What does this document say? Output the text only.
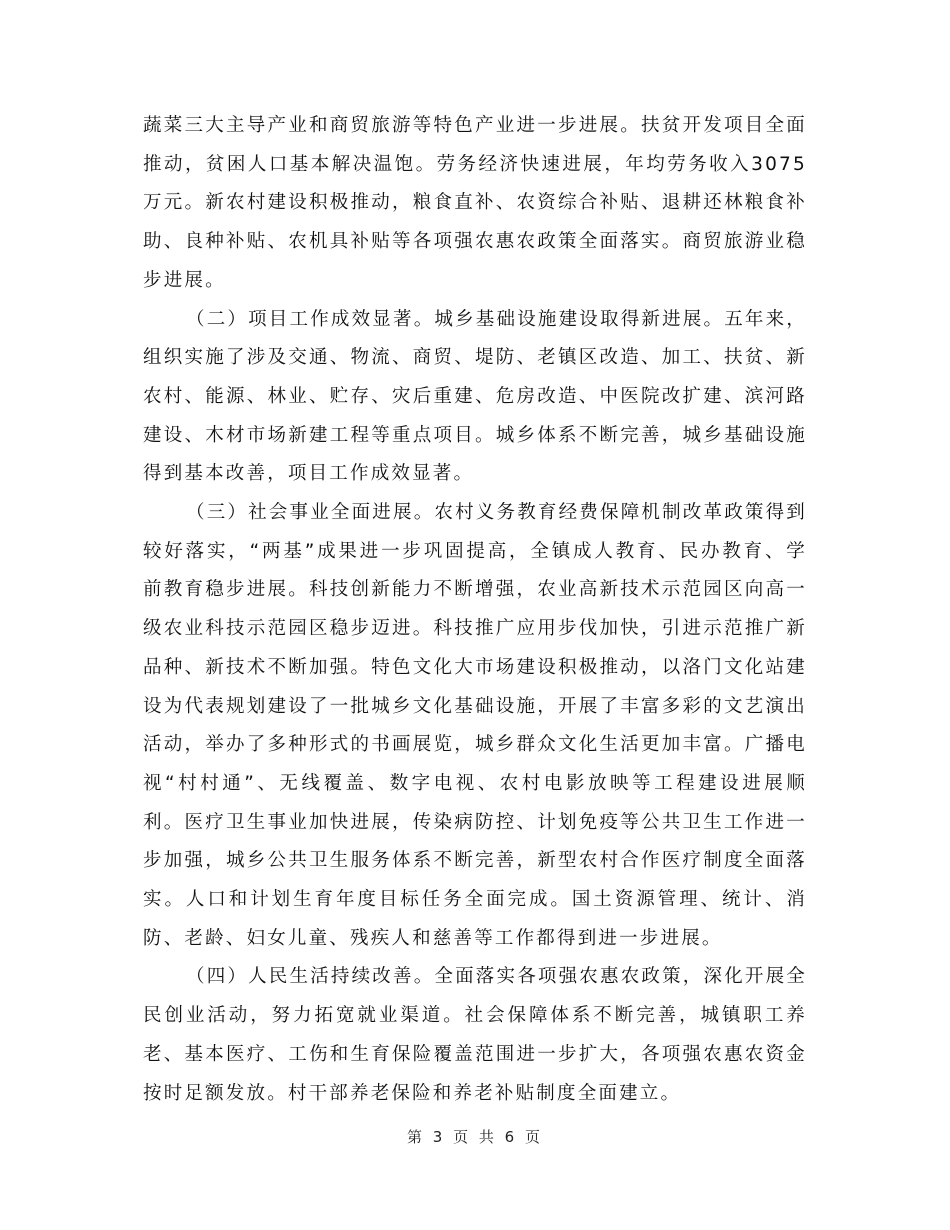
蔬菜三大主导产业和商贸旅游等特色产业进一步进展。扶贫开发项目全面推动，贫困人口基本解决温饱。劳务经济快速进展，年均劳务收入3075万元。新农村建设积极推动，粮食直补、农资综合补贴、退耕还林粮食补助、良种补贴、农机具补贴等各项强农惠农政策全面落实。商贸旅游业稳步进展。

（二）项目工作成效显著。城乡基础设施建设取得新进展。五年来，组织实施了涉及交通、物流、商贸、堤防、老镇区改造、加工、扶贫、新农村、能源、林业、贮存、灾后重建、危房改造、中医院改扩建、滨河路建设、木材市场新建工程等重点项目。城乡体系不断完善，城乡基础设施得到基本改善，项目工作成效显著。

（三）社会事业全面进展。农村义务教育经费保障机制改革政策得到较好落实，“两基”成果进一步巩固提高，全镇成人教育、民办教育、学前教育稳步进展。科技创新能力不断增强，农业高新技术示范园区向高一级农业科技示范园区稳步迈进。科技推广应用步伐加快，引进示范推广新品种、新技术不断加强。特色文化大市场建设积极推动，以洛门文化站建设为代表规划建设了一批城乡文化基础设施，开展了丰富多彩的文艺演出活动，举办了多种形式的书画展览，城乡群众文化生活更加丰富。广播电视“村村通”、无线覆盖、数字电视、农村电影放映等工程建设进展顺利。医疗卫生事业加快进展，传染病防控、计划免疫等公共卫生工作进一步加强，城乡公共卫生服务体系不断完善，新型农村合作医疗制度全面落实。人口和计划生育年度目标任务全面完成。国土资源管理、统计、消防、老龄、妇女儿童、残疾人和慈善等工作都得到进一步进展。

（四）人民生活持续改善。全面落实各项强农惠农政策，深化开展全民创业活动，努力拓宽就业渠道。社会保障体系不断完善，城镇职工养老、基本医疗、工伤和生育保险覆盖范围进一步扩大，各项强农惠农资金按时足额发放。村干部养老保险和养老补贴制度全面建立。

第 3 页 共 6 页
